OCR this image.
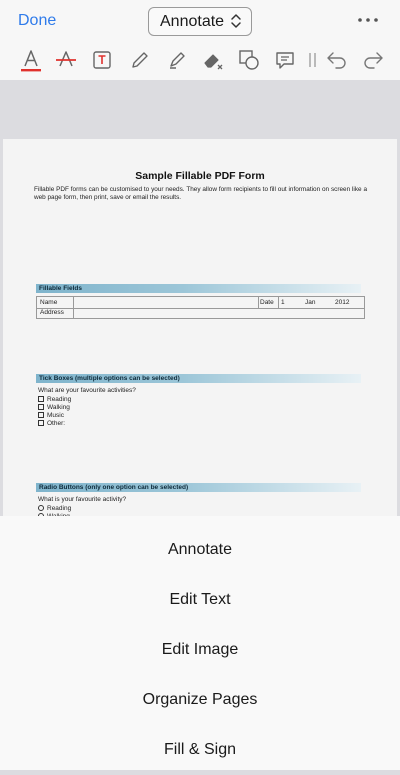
Done	Annotate
Sample Fillable PDF Form
Fillable PDF forms can be customised to your needs. They allow form recipients to fill out information on screen like a web page form, then print, save or email the results.
Fillable Fields
Name	Date 1	Jan	2012
Address
Tick Boxes (multiple options can be selected)
What are your favourite activities?
Reading
Walking
Music
Other:
Radio Buttons (only one option can be selected)
What is your favourite activity?
Reading
Annotate
Edit Text
Edit Image
Organize Pages
Fill & Sign
